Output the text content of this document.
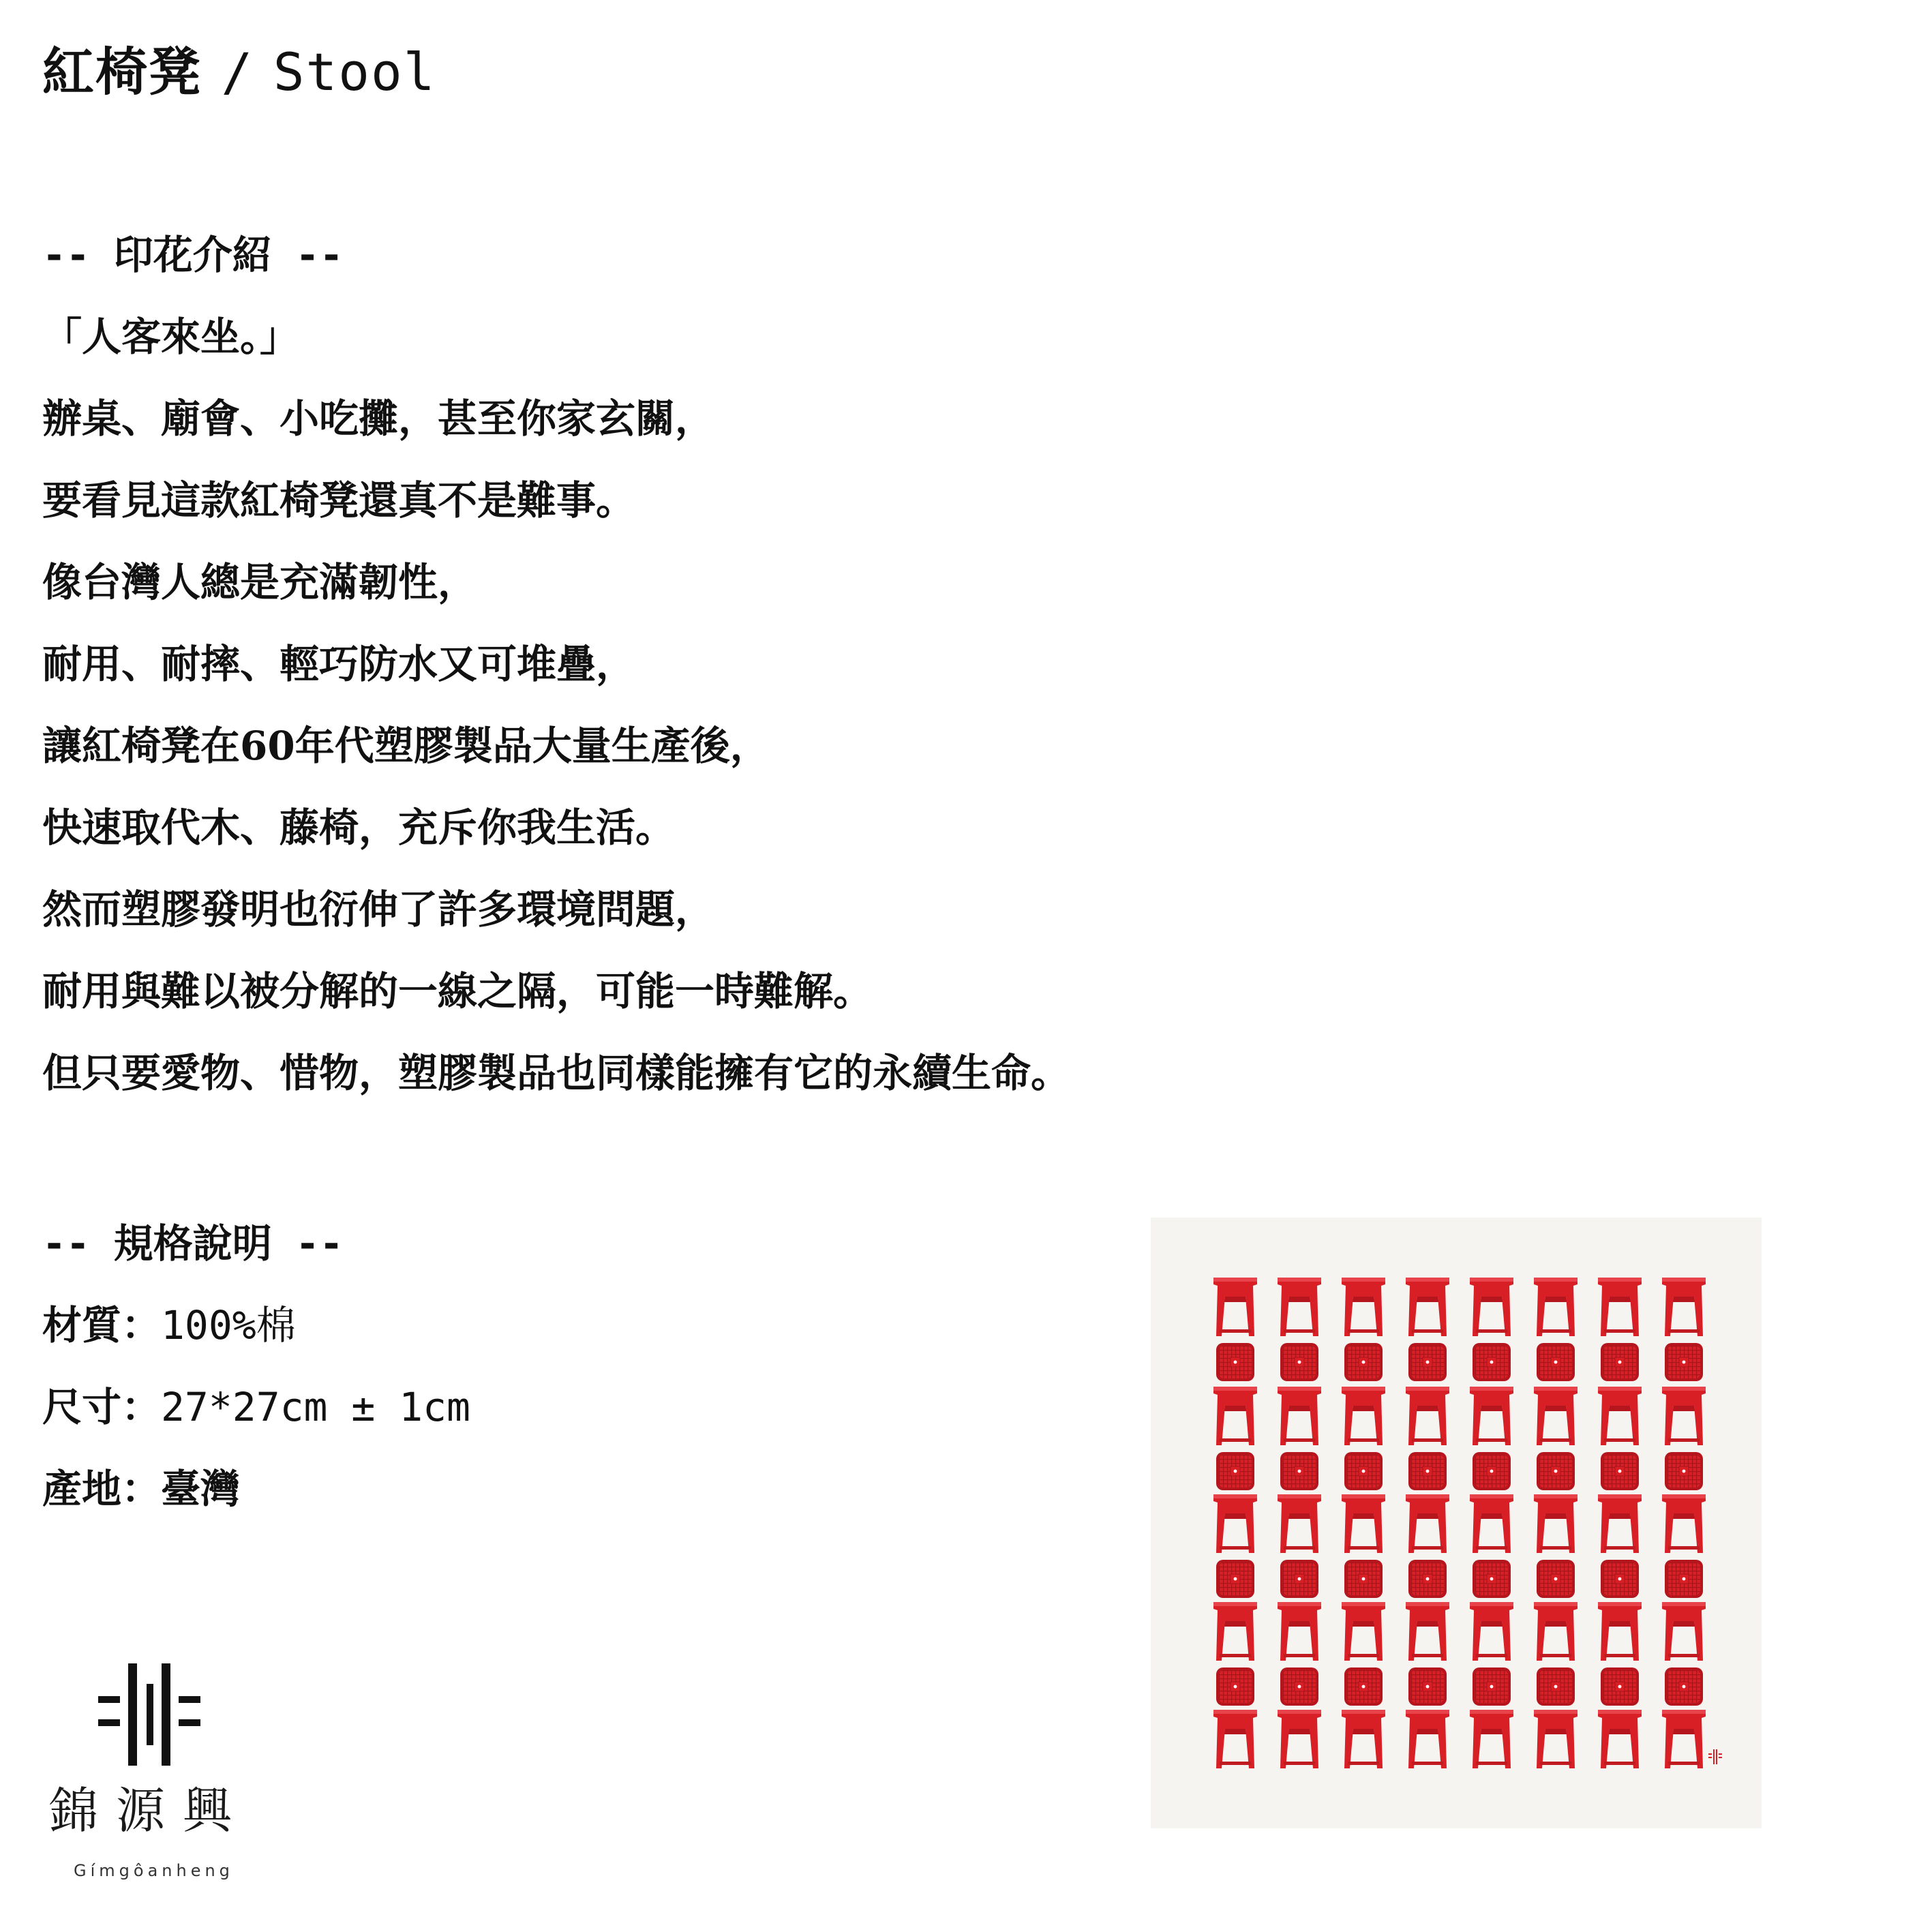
紅椅凳 / Stool
-- 印花介紹 --
「人客來坐。」
辦桌、廟會、小吃攤，甚至你家玄關，
要看見這款紅椅凳還真不是難事。
像台灣人總是充滿韌性，
耐用、耐摔、輕巧防水又可堆疊，
讓紅椅凳在60年代塑膠製品大量生產後，
快速取代木、藤椅，充斥你我生活。
然而塑膠發明也衍伸了許多環境問題，
耐用與難以被分解的一線之隔，可能一時難解。
但只要愛物、惜物，塑膠製品也同樣能擁有它的永續生命。
-- 規格說明 --
材質：100%棉
尺寸：27*27cm ± 1cm
產地：臺灣
錦源興
Gímgôanheng
